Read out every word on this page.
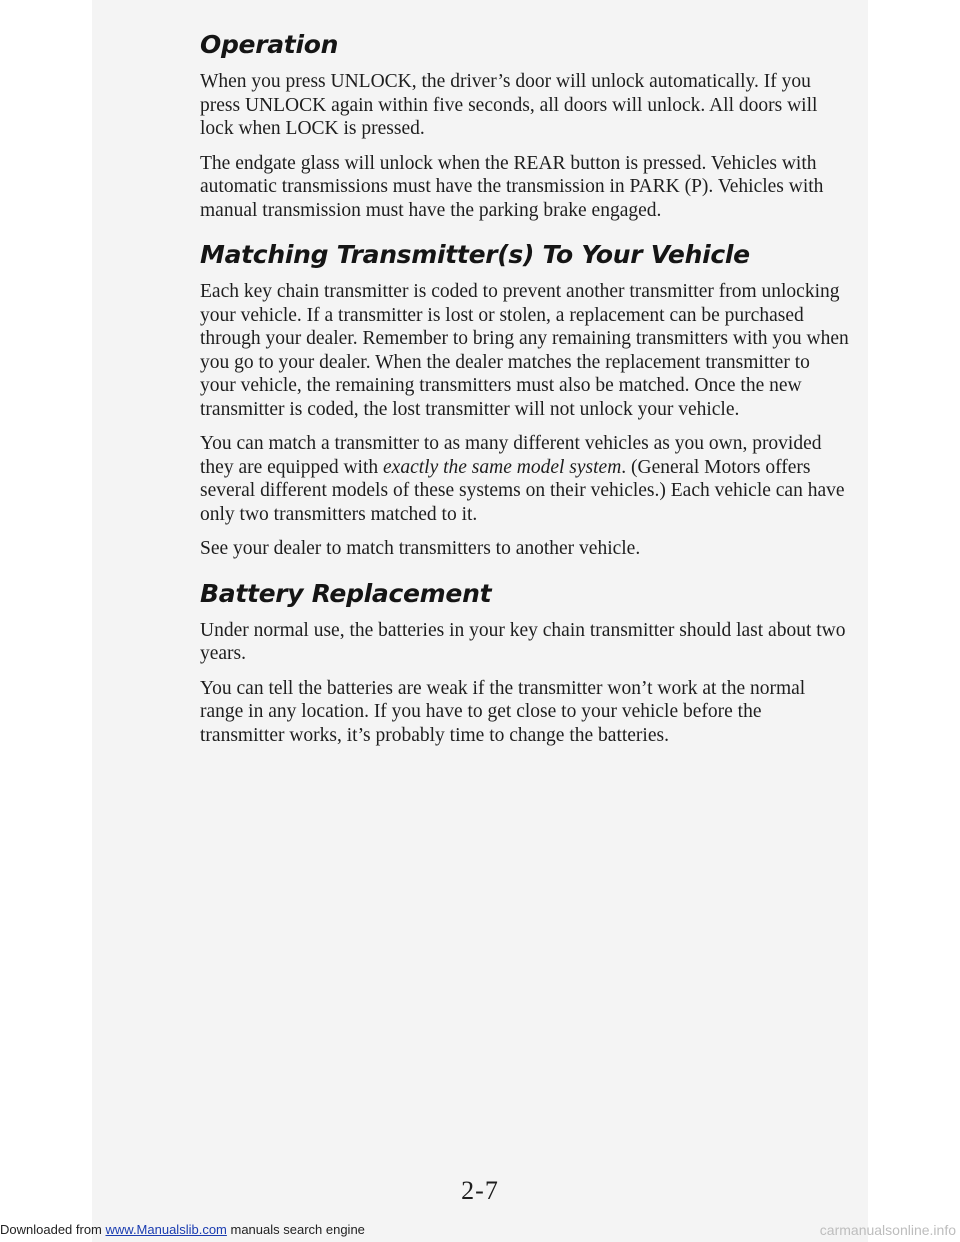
Operation

When you press UNLOCK, the driver’s door will unlock automatically. If you press UNLOCK again within five seconds, all doors will unlock. All doors will lock when LOCK is pressed.

The endgate glass will unlock when the REAR button is pressed. Vehicles with automatic transmissions must have the transmission in PARK (P). Vehicles with manual transmission must have the parking brake engaged.

Matching Transmitter(s) To Your Vehicle

Each key chain transmitter is coded to prevent another transmitter from unlocking your vehicle. If a transmitter is lost or stolen, a replacement can be purchased through your dealer. Remember to bring any remaining transmitters with you when you go to your dealer. When the dealer matches the replacement transmitter to your vehicle, the remaining transmitters must also be matched. Once the new transmitter is coded, the lost transmitter will not unlock your vehicle.

You can match a transmitter to as many different vehicles as you own, provided they are equipped with exactly the same model system. (General Motors offers several different models of these systems on their vehicles.) Each vehicle can have only two transmitters matched to it.

See your dealer to match transmitters to another vehicle.

Battery Replacement

Under normal use, the batteries in your key chain transmitter should last about two years.

You can tell the batteries are weak if the transmitter won’t work at the normal range in any location. If you have to get close to your vehicle before the transmitter works, it’s probably time to change the batteries.

2-7
Downloaded from www.Manualslib.com manuals search engine	carmanualsonline.info
